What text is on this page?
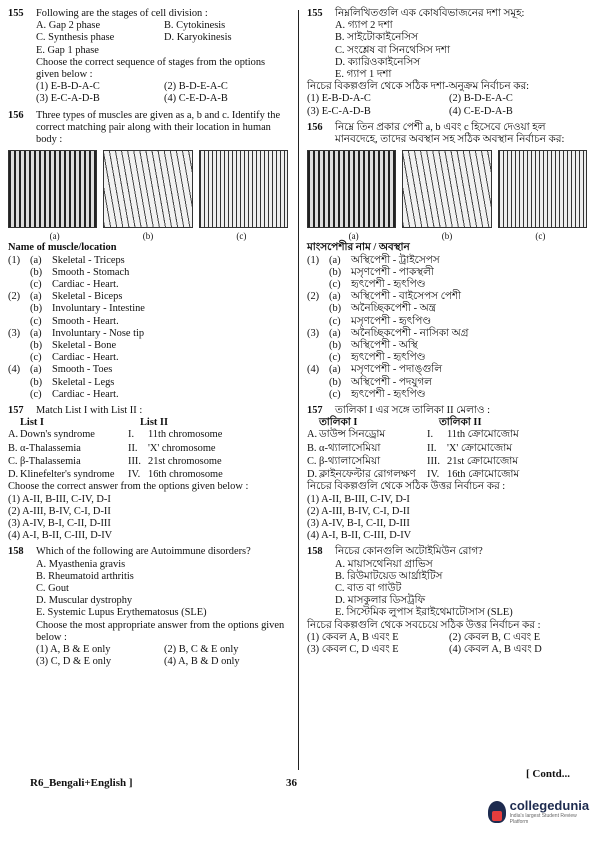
155	Following are the stages of cell division :
A. Gap 2 phase	B. Cytokinesis
C. Synthesis phase	D. Karyokinesis
E. Gap 1 phase
Choose the correct sequence of stages from the options given below :
(1) E-B-D-A-C	(2) B-D-E-A-C
(3) E-C-A-D-B	(4) C-E-D-A-B
156	Three types of muscles are given as a, b and c. Identify the correct matching pair along with their location in human body :
(a)	(b)	(c)
Name of muscle/location
(1) (a)	Skeletal - Triceps
(b) Smooth - Stomach
(c)	Cardiac - Heart.
(2) (a)	Skeletal - Biceps
(b) Involuntary - Intestine
(c)	Smooth - Heart.
(3) (a)	Involuntary - Nose tip
(b) Skeletal - Bone
(c)	Cardiac - Heart.
(4) (a)	Smooth - Toes
(b) Skeletal - Legs
(c)	Cardiac - Heart.
157	Match List I with List II :
List I	List II
A. Down's syndrome	I.	11th chromosome
B. α-Thalassemia	II.	'X' chromosome
C. β-Thalassemia	III. 21st chromosome
D. Klinefelter's syndrome	IV. 16th chromosome
Choose the correct answer from the options given below :
(1) A-II, B-III, C-IV, D-I
(2) A-III, B-IV, C-I, D-II
(3) A-IV, B-I, C-II, D-III
(4) A-I, B-II, C-III, D-IV
158	Which of the following are Autoimmune disorders?
A. Myasthenia gravis
B. Rheumatoid arthritis
C. Gout
D. Muscular dystrophy
E. Systemic Lupus Erythematosus (SLE)
Choose the most appropriate answer from the options given below :
(1) A, B & E only	(2) B, C & E only
(3) C, D & E only	(4) A, B & D only
155	নিম্নলিখিতগুলি এক কোষবিভাজনের দশা সমূহ:
A. গ্যাপ 2 দশা
B. সাইটোকাইনেসিস
C. সংশ্লেষ বা সিনথেসিস দশা
D. ক্যারিওকাইনেসিস
E. গ্যাপ 1 দশা
নিচের বিকল্পগুলি থেকে সঠিক দশা-অনুক্রম নির্বাচন কর:
(1) E-B-D-A-C	(2) B-D-E-A-C
(3) E-C-A-D-B	(4) C-E-D-A-B
156	নিম্নে তিন প্রকার পেশী a, b এবং c হিসেবে দেওয়া হল মানবদেহে, তাদের অবস্থান সহ সঠিক অবস্থান নির্বাচন কর:
(a)	(b)	(c)
মাংসপেশীর নাম / অবস্থান
(1) (a)	অস্থিপেশী - ট্রাইসেপস
(b) মসৃণপেশী - পাকস্থলী
(c)	হৃৎপেশী - হৃৎপিণ্ড
(2) (a)	অস্থিপেশী - বাইসেপস পেশী
(b) অনৈচ্ছিকপেশী - অন্ত্র
(c)	মসৃণপেশী - হৃৎপিণ্ড
(3) (a)	অনৈচ্ছিকপেশী - নাসিকা অগ্র
(b) অস্থিপেশী - অস্থি
(c)	হৃৎপেশী - হৃৎপিণ্ড
(4) (a)	মসৃণপেশী - পদাঙ্গুলি
(b) অস্থিপেশী - পদযুগল
(c)	হৃৎপেশী - হৃৎপিণ্ড
157	তালিকা I এর সঙ্গে তালিকা II মেলাও :
তালিকা I	তালিকা II
A. ডাউন্স সিনড্রোম	I.	11th ক্রোমোজোম
B. α-থ্যালাসেমিয়া	II.	'X' ক্রোমোজোম
C. β-থ্যালাসেমিয়া	III. 21st ক্রোমোজোম
D. ক্লাইনফেল্টার রোগলক্ষণ	IV. 16th ক্রোমোজোম
নিচের বিকল্পগুলি থেকে সঠিক উত্তর নির্বাচন কর :
(1) A-II, B-III, C-IV, D-I
(2) A-III, B-IV, C-I, D-II
(3) A-IV, B-I, C-II, D-III
(4) A-I, B-II, C-III, D-IV
158	নিচের কোনগুলি অটোইমিউন রোগ?
A. মায়াসথেনিয়া গ্রাভিস
B. রিউমাটয়েড আর্থ্রাইটিস
C. বাত বা গাউট
D. মাসকুলার ডিসট্রফি
E. সিস্টেমিক লুপাস ইরাইথেমাটোসাস (SLE)
নিচের বিকল্পগুলি থেকে সবচেয়ে সঠিক উত্তর নির্বাচন কর :
(1) কেবল A, B এবং E	(2) কেবল B, C এবং E
(3) কেবল C, D এবং E	(4) কেবল A, B এবং D
R6_Bengali+English ]	36
[ Contd...
collegedunia
India's largest Student Review Platform
